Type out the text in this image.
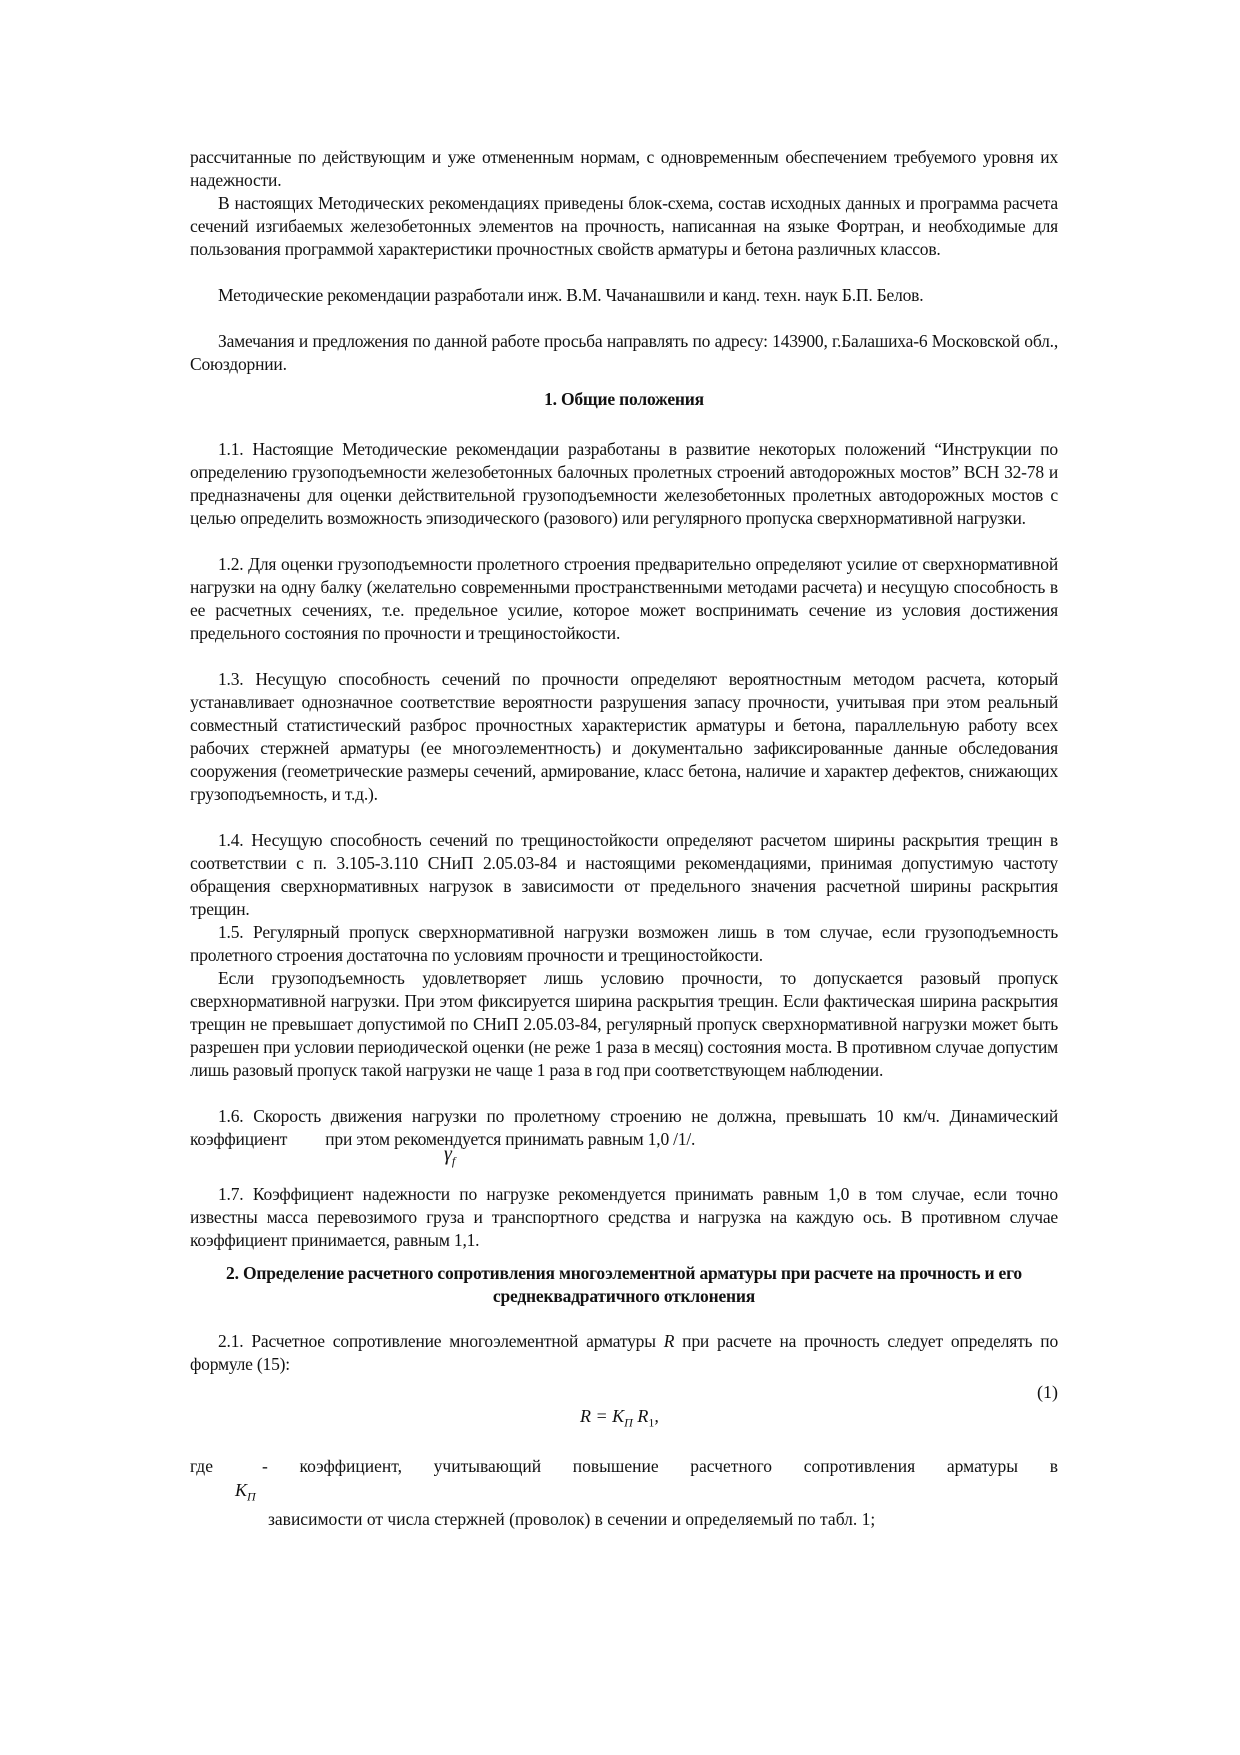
рассчитанные по действующим и уже отмененным нормам, с одновременным обеспечением требуемого уровня их надежности.
В настоящих Методических рекомендациях приведены блок-схема, состав исходных данных и программа расчета сечений изгибаемых железобетонных элементов на прочность, написанная на языке Фортран, и необходимые для пользования программой характеристики прочностных свойств арматуры и бетона различных классов.
Методические рекомендации разработали инж. В.М. Чачанашвили и канд. техн. наук Б.П. Белов.
Замечания и предложения по данной работе просьба направлять по адресу: 143900, г.Балашиха-6 Московской обл., Союздорнии.
1. Общие положения
1.1. Настоящие Методические рекомендации разработаны в развитие некоторых положений “Инструкции по определению грузоподъемности железобетонных балочных пролетных строений автодорожных мостов” ВСН 32-78 и предназначены для оценки действительной грузоподъемности железобетонных пролетных автодорожных мостов с целью определить возможность эпизодического (разового) или регулярного пропуска сверхнормативной нагрузки.
1.2. Для оценки грузоподъемности пролетного строения предварительно определяют усилие от сверхнормативной нагрузки на одну балку (желательно современными пространственными методами расчета) и несущую способность в ее расчетных сечениях, т.е. предельное усилие, которое может воспринимать сечение из условия достижения предельного состояния по прочности и трещиностойкости.
1.3. Несущую способность сечений по прочности определяют вероятностным методом расчета, который устанавливает однозначное соответствие вероятности разрушения запасу прочности, учитывая при этом реальный совместный статистический разброс прочностных характеристик арматуры и бетона, параллельную работу всех рабочих стержней арматуры (ее многоэлементность) и документально зафиксированные данные обследования сооружения (геометрические размеры сечений, армирование, класс бетона, наличие и характер дефектов, снижающих грузоподъемность, и т.д.).
1.4. Несущую способность сечений по трещиностойкости определяют расчетом ширины раскрытия трещин в соответствии с п. 3.105-3.110 СНиП 2.05.03-84 и настоящими рекомендациями, принимая допустимую частоту обращения сверхнормативных нагрузок в зависимости от предельного значения расчетной ширины раскрытия трещин.
1.5. Регулярный пропуск сверхнормативной нагрузки возможен лишь в том случае, если грузоподъемность пролетного строения достаточна по условиям прочности и трещиностойкости.
Если грузоподъемность удовлетворяет лишь условию прочности, то допускается разовый пропуск сверхнормативной нагрузки. При этом фиксируется ширина раскрытия трещин. Если фактическая ширина раскрытия трещин не превышает допустимой по СНиП 2.05.03-84, регулярный пропуск сверхнормативной нагрузки может быть разрешен при условии периодической оценки (не реже 1 раза в месяц) состояния моста. В противном случае допустим лишь разовый пропуск такой нагрузки не чаще 1 раза в год при соответствующем наблюдении.
1.6. Скорость движения нагрузки по пролетному строению не должна, превышать 10 км/ч. Динамический коэффициент при этом рекомендуется принимать равным 1,0 /1/.
$\gamma_f$
1.7. Коэффициент надежности по нагрузке рекомендуется принимать равным 1,0 в том случае, если точно известны масса перевозимого груза и транспортного средства и нагрузка на каждую ось. В противном случае коэффициент принимается, равным 1,1.
2. Определение расчетного сопротивления многоэлементной арматуры при расчете на прочность и его среднеквадратичного отклонения
2.1. Расчетное сопротивление многоэлементной арматуры R при расчете на прочность следует определять по формуле (15):
(1)
$R = K_П$ $R_1$,
где	- коэффициент, учитывающий повышение расчетного сопротивления арматуры в
$K_П$
зависимости от числа стержней (проволок) в сечении и определяемый по табл. 1;
